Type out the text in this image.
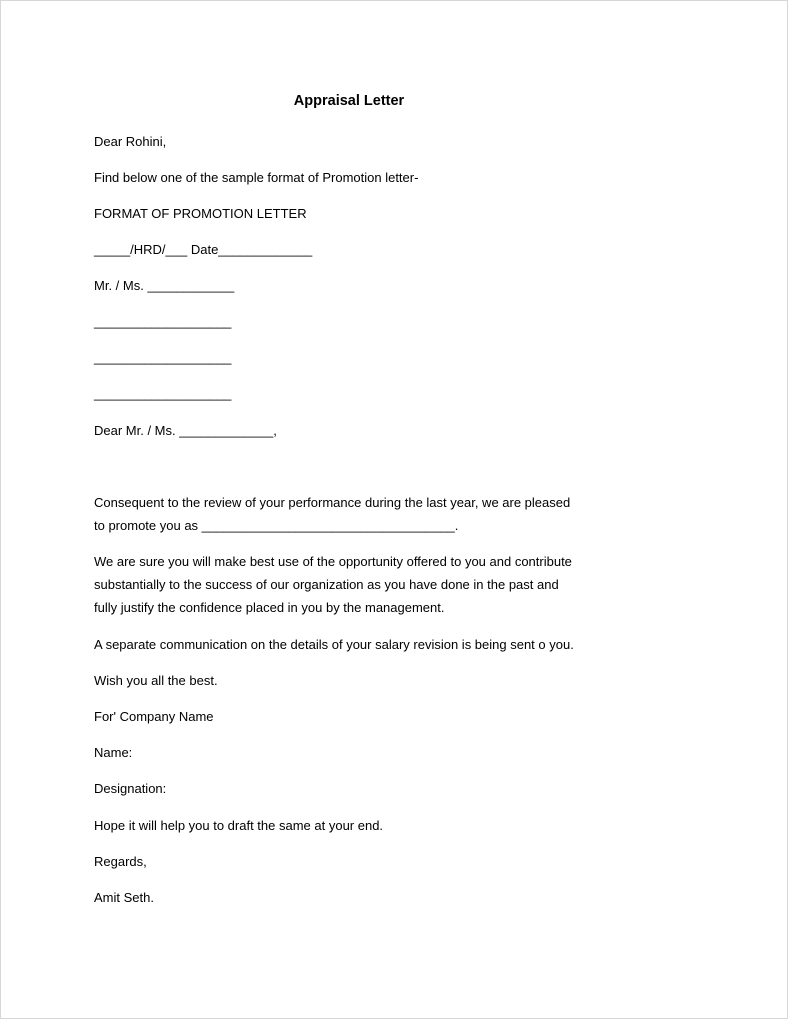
Appraisal Letter
Dear Rohini,
Find below one of the sample format of Promotion letter-
FORMAT OF PROMOTION LETTER
_____/HRD/___ Date_____________
Mr. / Ms. ____________
___________________
___________________
___________________
Dear Mr. / Ms. _____________,
Consequent to the review of your performance during the last year, we are pleased
to promote you as ___________________________________.
We are sure you will make best use of the opportunity offered to you and contribute
substantially to the success of our organization as you have done in the past and
fully justify the confidence placed in you by the management.
A separate communication on the details of your salary revision is being sent o you.
Wish you all the best.
For' Company Name
Name:
Designation:
Hope it will help you to draft the same at your end.
Regards,
Amit Seth.
